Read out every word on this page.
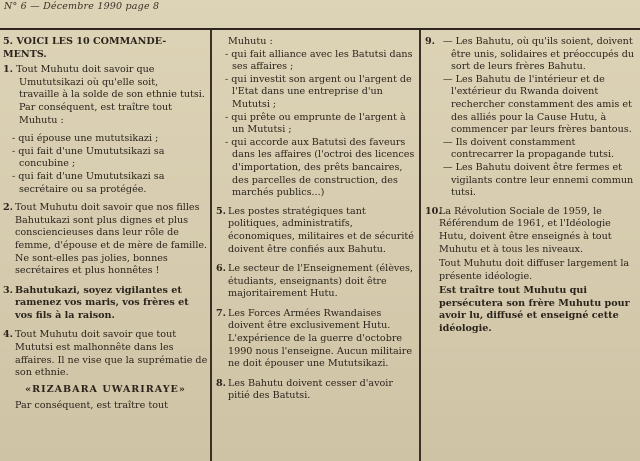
N° 6 — Décembre 1990 page 8

5. VOICI LES 10 COMMANDE-MENTS.

1. Tout Muhutu doit savoir que

Umututsikazi où qu'elle soit,

travaille à la solde de son ethnie tutsi.

Par conséquent, est traître tout

Muhutu :

- qui épouse une mututsikazi ;

- qui fait d'une Umututsikazi sa concubine ;

- qui fait d'une Umututsikazi sa secrétaire ou sa protégée.

2. Tout Muhutu doit savoir que nos filles Bahutukazi sont plus dignes et plus consciencieuses dans leur rôle de femme, d'épouse et de mère de famille. Ne sont-elles pas jolies, bonnes secrétaires et plus honnêtes !

3. Bahutukazi, soyez vigilantes et ramenez vos maris, vos frères et vos fils à la raison.

4. Tout Muhutu doit savoir que tout Mututsi est malhonnête dans les affaires. Il ne vise que la suprématie de son ethnie.

«RIZABARA UWARIRAYE»

Par conséquent, est traître tout

Muhutu :

- qui fait alliance avec les Batutsi dans ses affaires ;

- qui investit son argent ou l'argent de l'Etat dans une entreprise d'un Mututsi ;

- qui prête ou emprunte de l'argent à un Mututsi ;

- qui accorde aux Batutsi des faveurs dans les affaires (l'octroi des licences d'importation, des prêts bancaires, des parcelles de construction, des marchés publics...)

5. Les postes stratégiques tant politiques, administratifs, économiques, militaires et de sécurité doivent être confiés aux Bahutu.

6. Le secteur de l'Enseignement (élèves, étudiants, enseignants) doit être majoritairement Hutu.

7. Les Forces Armées Rwandaises doivent être exclusivement Hutu. L'expérience de la guerre d'octobre 1990 nous l'enseigne. Aucun militaire ne doit épouser une Mututsikazi.

8. Les Bahutu doivent cesser d'avoir pitié des Batutsi.

9. — Les Bahutu, où qu'ils soient, doivent être unis, solidaires et préoccupés du sort de leurs frères Bahutu.

— Les Bahutu de l'intérieur et de l'extérieur du Rwanda doivent rechercher constamment des amis et des alliés pour la Cause Hutu, à commencer par leurs frères bantous.

— Ils doivent constamment contrecarrer la propagande tutsi.

— Les Bahutu doivent être fermes et vigilants contre leur ennemi commun tutsi.

10.

La Révolution Sociale de 1959, le Référendum de 1961, et l'Idéologie Hutu, doivent être enseignés à tout Muhutu et à tous les niveaux.

Tout Muhutu doit diffuser largement la présente idéologie.

Est traître tout Muhutu qui persécutera son frère Muhutu pour avoir lu, diffusé et enseigné cette idéologie.
